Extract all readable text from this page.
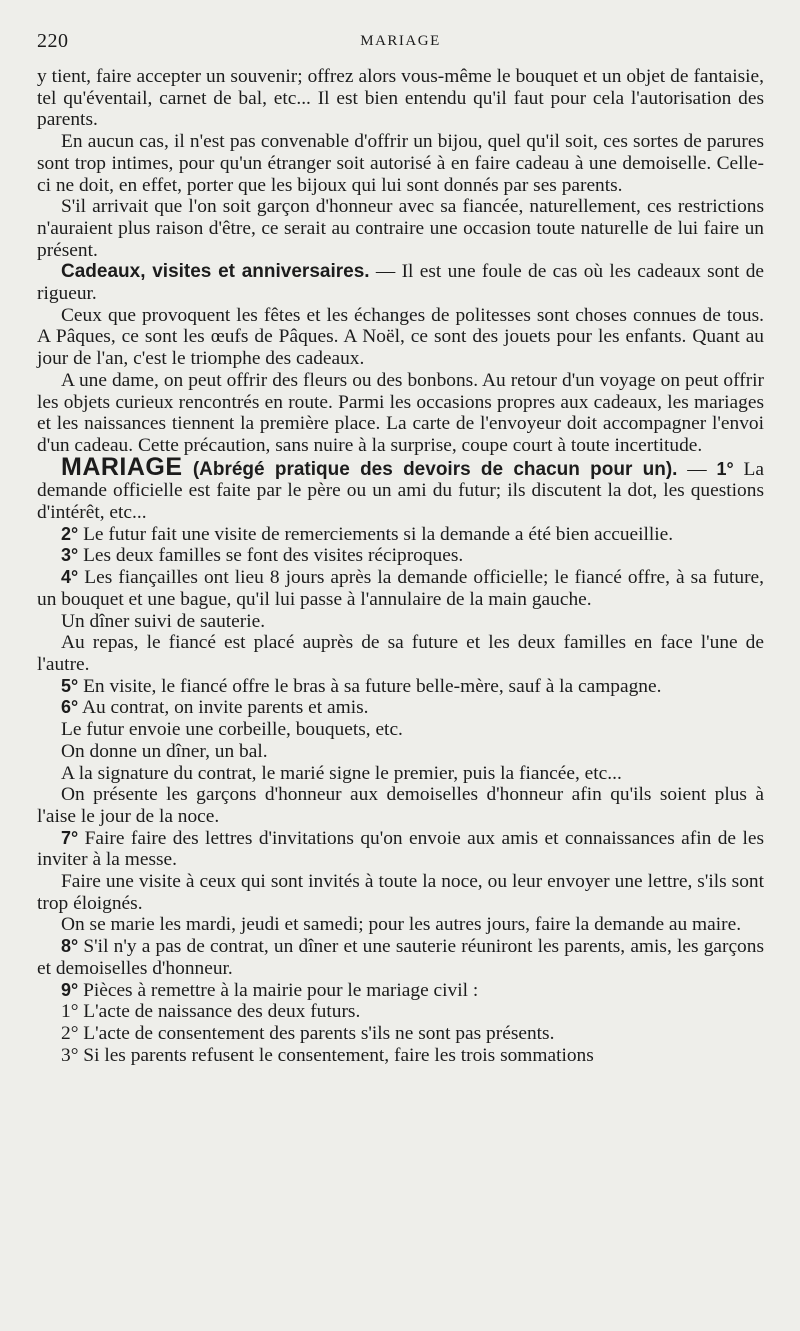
220	MARIAGE

y tient, faire accepter un souvenir; offrez alors vous-même le bouquet et un objet de fantaisie, tel qu'éventail, carnet de bal, etc... Il est bien entendu qu'il faut pour cela l'autorisation des parents.

En aucun cas, il n'est pas convenable d'offrir un bijou, quel qu'il soit, ces sortes de parures sont trop intimes, pour qu'un étranger soit autorisé à en faire cadeau à une demoiselle. Celle-ci ne doit, en effet, porter que les bijoux qui lui sont donnés par ses parents.

S'il arrivait que l'on soit garçon d'honneur avec sa fiancée, naturellement, ces restrictions n'auraient plus raison d'être, ce serait au contraire une occasion toute naturelle de lui faire un présent.

Cadeaux, visites et anniversaires. — Il est une foule de cas où les cadeaux sont de rigueur.

Ceux que provoquent les fêtes et les échanges de politesses sont choses connues de tous. A Pâques, ce sont les œufs de Pâques. A Noël, ce sont des jouets pour les enfants. Quant au jour de l'an, c'est le triomphe des cadeaux.

A une dame, on peut offrir des fleurs ou des bonbons. Au retour d'un voyage on peut offrir les objets curieux rencontrés en route. Parmi les occasions propres aux cadeaux, les mariages et les naissances tiennent la première place. La carte de l'envoyeur doit accompagner l'envoi d'un cadeau. Cette précaution, sans nuire à la surprise, coupe court à toute incertitude.

MARIAGE (Abrégé pratique des devoirs de chacun pour un). — 1° La demande officielle est faite par le père ou un ami du futur; ils discutent la dot, les questions d'intérêt, etc...

2° Le futur fait une visite de remerciements si la demande a été bien accueillie.

3° Les deux familles se font des visites réciproques.

4° Les fiançailles ont lieu 8 jours après la demande officielle; le fiancé offre, à sa future, un bouquet et une bague, qu'il lui passe à l'annulaire de la main gauche.

Un dîner suivi de sauterie.

Au repas, le fiancé est placé auprès de sa future et les deux familles en face l'une de l'autre.

5° En visite, le fiancé offre le bras à sa future belle-mère, sauf à la campagne.

6° Au contrat, on invite parents et amis.

Le futur envoie une corbeille, bouquets, etc.

On donne un dîner, un bal.

A la signature du contrat, le marié signe le premier, puis la fiancée, etc...

On présente les garçons d'honneur aux demoiselles d'honneur afin qu'ils soient plus à l'aise le jour de la noce.

7° Faire faire des lettres d'invitations qu'on envoie aux amis et connaissances afin de les inviter à la messe.

Faire une visite à ceux qui sont invités à toute la noce, ou leur envoyer une lettre, s'ils sont trop éloignés.

On se marie les mardi, jeudi et samedi; pour les autres jours, faire la demande au maire.

8° S'il n'y a pas de contrat, un dîner et une sauterie réuniront les parents, amis, les garçons et demoiselles d'honneur.

9° Pièces à remettre à la mairie pour le mariage civil :

1° L'acte de naissance des deux futurs.

2° L'acte de consentement des parents s'ils ne sont pas présents.

3° Si les parents refusent le consentement, faire les trois sommations
